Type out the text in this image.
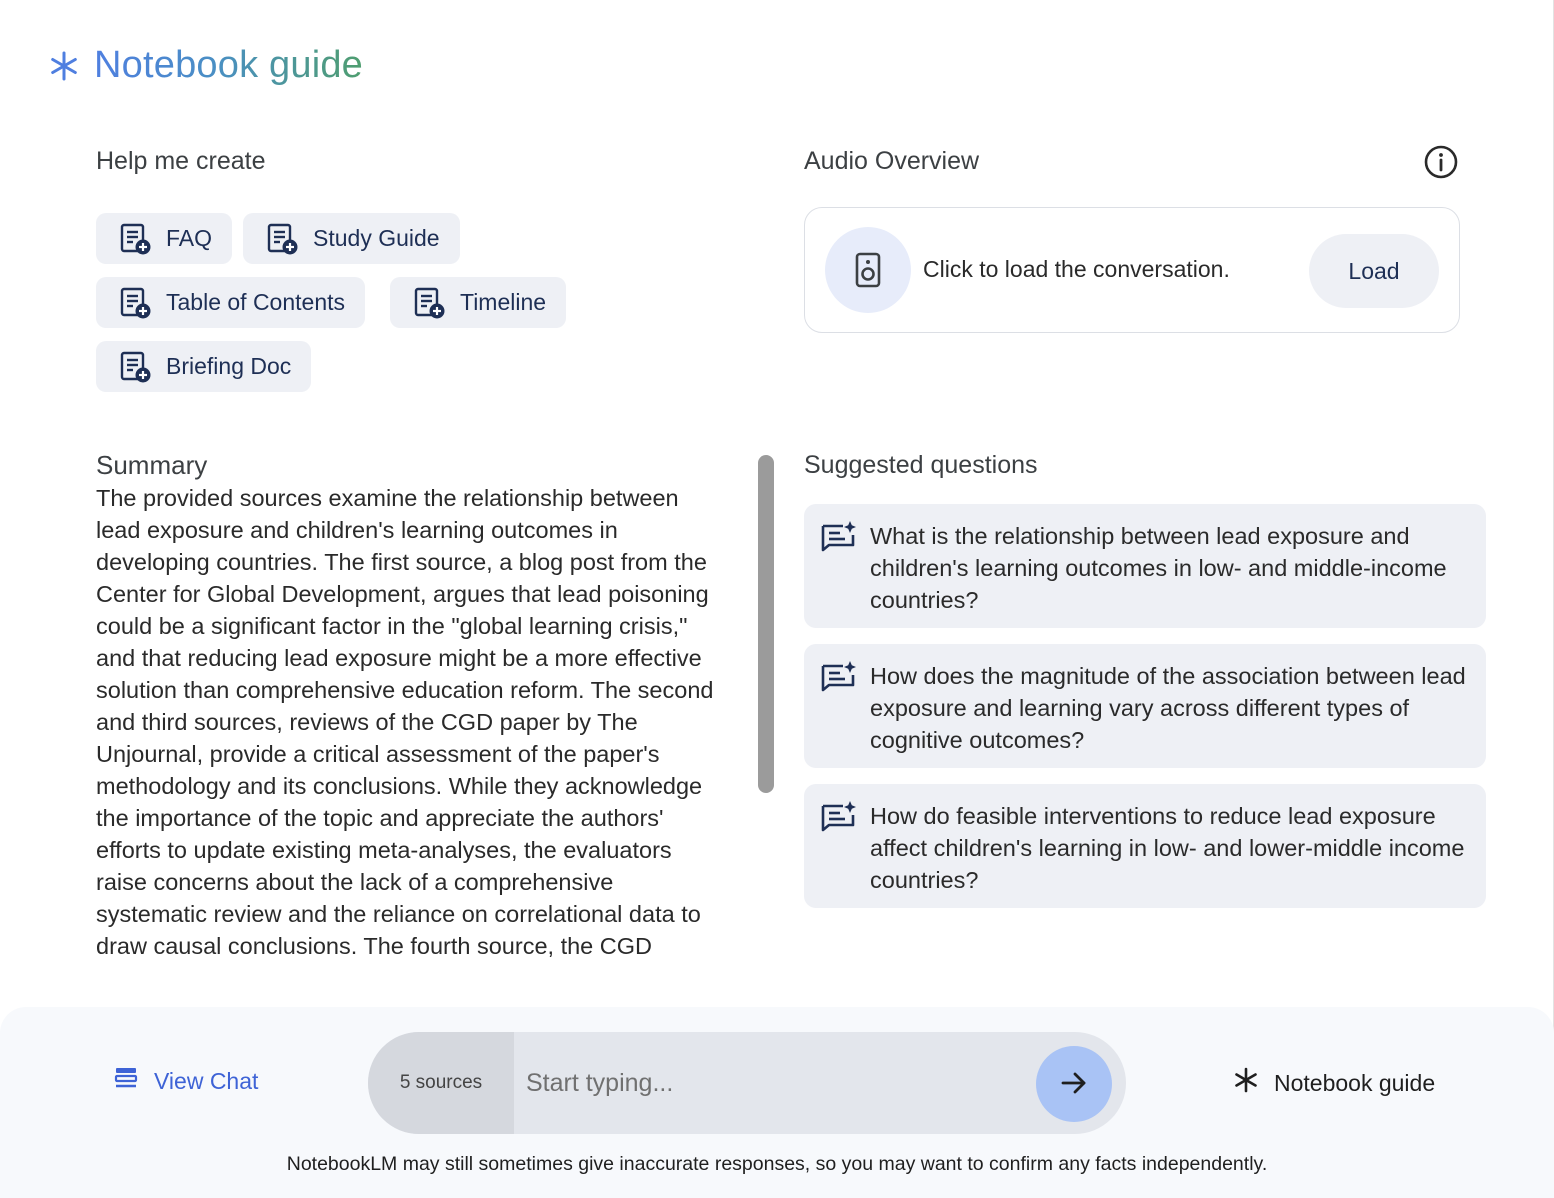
Notebook guide
Help me create
FAQ	Study Guide
Table of Contents	Timeline
Briefing Doc
Audio Overview
Click to load the conversation.	Load
Summary
The provided sources examine the relationship between lead exposure and children's learning outcomes in developing countries. The first source, a blog post from the Center for Global Development, argues that lead poisoning could be a significant factor in the "global learning crisis," and that reducing lead exposure might be a more effective solution than comprehensive education reform. The second and third sources, reviews of the CGD paper by The Unjournal, provide a critical assessment of the paper's methodology and its conclusions. While they acknowledge the importance of the topic and appreciate the authors' efforts to update existing meta-analyses, the evaluators raise concerns about the lack of a comprehensive systematic review and the reliance on correlational data to draw causal conclusions. The fourth source, the CGD
Suggested questions
What is the relationship between lead exposure and children's learning outcomes in low- and middle-income countries?
How does the magnitude of the association between lead exposure and learning vary across different types of cognitive outcomes?
How do feasible interventions to reduce lead exposure affect children's learning in low- and lower-middle income countries?
View Chat	5 sources
Start typing...	Notebook guide
NotebookLM may still sometimes give inaccurate responses, so you may want to confirm any facts independently.
